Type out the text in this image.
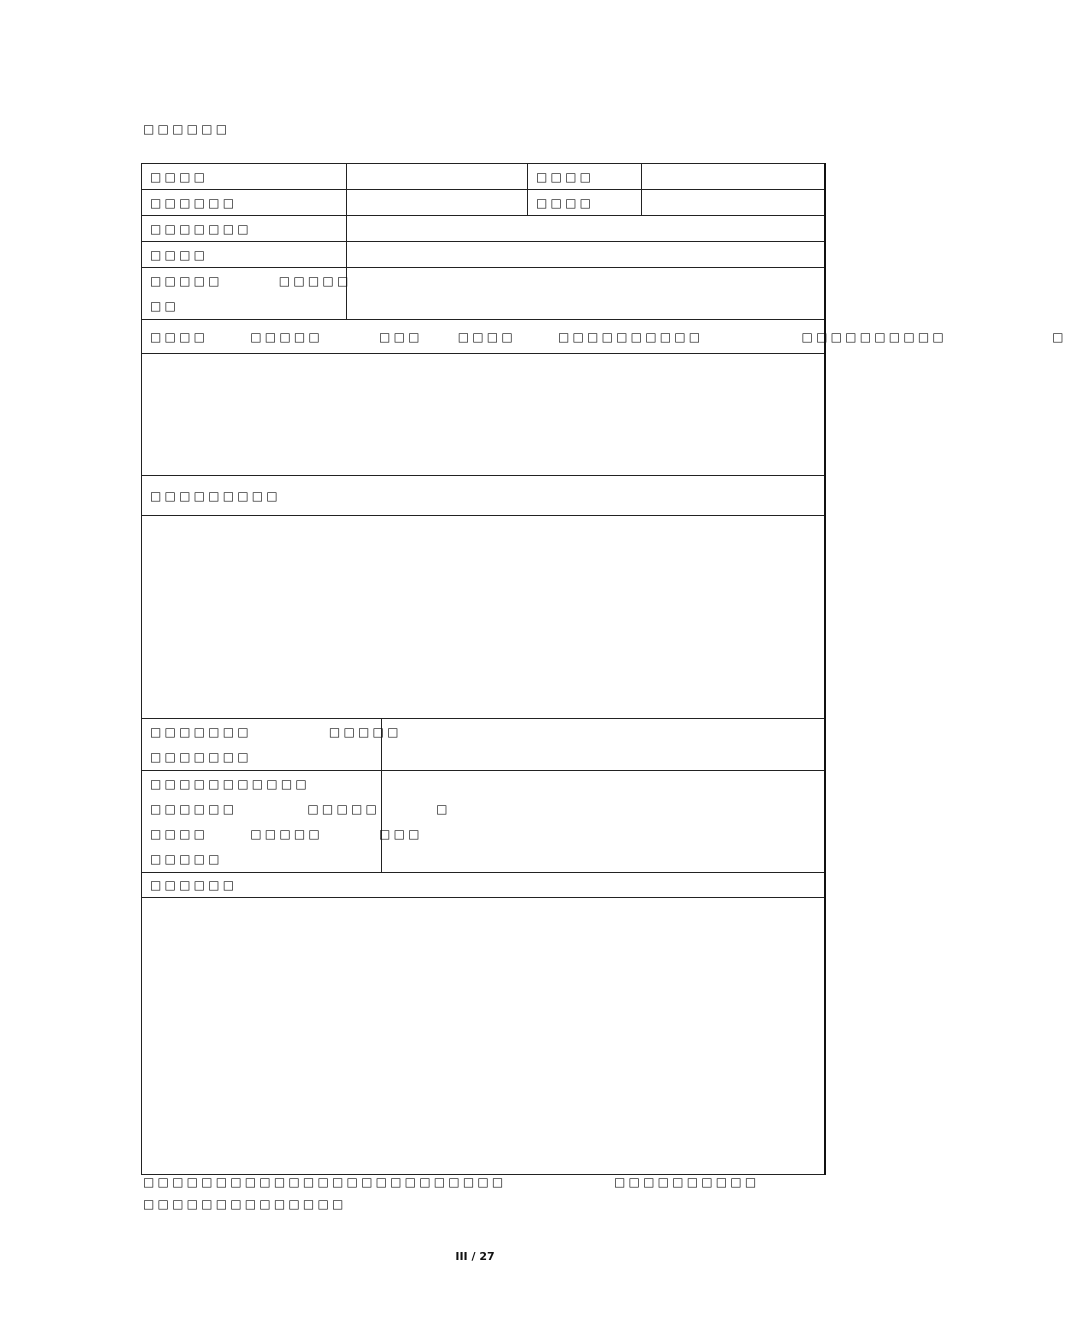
□□□□□□
□□□□			□□□□	
□□□□□□			□□□□	
□□□□□□□				
□□□□				

□□□□□        □□□□□
□□				

□□□□      □□□□□        □□□     □□□□      □□□□□□□□□□              □□□□□□□□□□               □				

□□□□□□□□□				

□□□□□□□           □□□□□
□□□□□□□				

□□□□□□□□□□□
□□□□□□          □□□□□        □
□□□□      □□□□□        □□□
□□□□□				

□□□□□□				

□□□□□□□□□□□□□□□□□□□□□□□□□
□□□□□□□□□□□□□□
□□□□□□□□□□
III / 27
